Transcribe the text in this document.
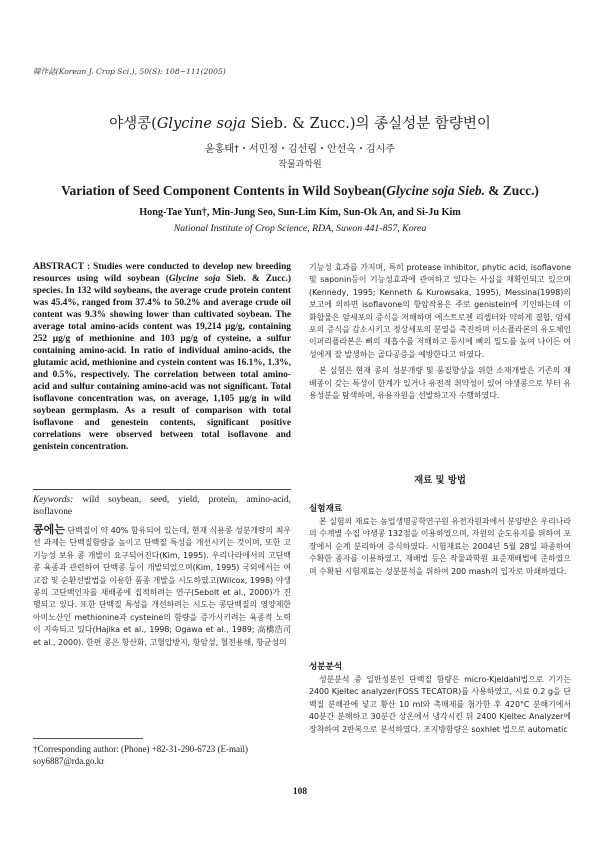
韓作誌(Korean J. Crop Sci.), 50(S): 108~111(2005)
야생콩(Glycine soja Sieb. & Zucc.)의 종실성분 함량변이
윤홍태†・서민정・김선림・안선옥・김시주
작물과학원
Variation of Seed Component Contents in Wild Soybean(Glycine soja Sieb. & Zucc.)
Hong-Tae Yun†, Min-Jung Seo, Sun-Lim Kim, Sun-Ok An, and Si-Ju Kim
National Institute of Crop Science, RDA, Suwon 441-857, Korea
ABSTRACT : Studies were conducted to develop new breeding resources using wild soybean (Glycine soja Sieb. & Zucc.) species. In 132 wild soybeans, the average crude protein content was 45.4%, ranged from 37.4% to 50.2% and average crude oil content was 9.3% showing lower than cultivated soybean. The average total amino-acids content was 19,214 µg/g, containing 252 µg/g of methionine and 103 µg/g of cysteine, a sulfur containing amino-acid. In ratio of individual amino-acids, the glutamic acid, methionine and cystein content was 16.1%, 1.3%, and 0.5%, respectively. The correlation between total amino-acid and sulfur containing amino-acid was not significant. Total isoflavone concentration was, on average, 1,105 µg/g in wild soybean germplasm. As a result of comparison with total isoflavone and genestein contents, significant positive correlations were observed between total isoflavone and genistein concentration.
Keywords: wild soybean, seed, yield, protein, amino-acid, isoflavone
콩에는 단백질이 약 40% 함유되어 있는데, 현재 식용콩 성분개량의 최우선 과제는 단백질함량을 높이고 단백질 특성을 개선시키는 것이며, 또한 고기능성 보유 콩 개발이 요구되어진다(Kim, 1995). 우리나라에서의 고단백 콩 육종과 관련하여 단백콩 등이 개발되었으며(Kim, 1995) 국외에서는 여교잡 및 순환선발법을 이용한 품종 개발을 시도하였고(Wilcox, 1998) 야생콩의 고단백인자를 재배종에 집적하려는 연구(Sebolt et al., 2000)가 진행되고 있다. 또한 단백질 특성을 개선하려는 시도는 콩단백질의 영양제한 아미노산인 methionine과 cysteine의 함량을 증가시키려는 육종적 노력이 지속되고 있다(Hajika et al., 1998; Ogawa et al., 1989; 高橋浩司 et al., 2000). 한편 콩은 항산화, 고혈압방지, 항암성, 혈전용해, 항균성의
†Corresponding author: (Phone) +82-31-290-6723 (E-mail) soy6887@rda.go.kr
기능성 효과를 가지며, 특히 protease inhibitor, phytic acid, isoflavone 및 saponin등이 기능성효과에 관여하고 있다는 사실을 재확인되고 있으며(Kennedy, 1995; Kenneth & Kurowsaka, 1995), Messina(1998)의 보고에 의하면 isoflavone의 항암작용은 주로 genistein에 기인하는데 이 화합물은 암세포의 증식을 저해하며 에스트로젠 리셉터와 약하게 결합, 암세포의 증식을 감소시키고 정상세포의 분열을 촉진하며 이소플라본의 유도체인 이퍼리플라본은 뼈의 재흡수를 저해하고 동시에 뼈의 밀도를 높여 나이든 여성에게 잘 발생하는 골다공증을 예방한다고 하였다.
본 실험은 현재 콩의 성분개량 및 품질향상을 위한 소재개발은 기존의 재배종이 갖는 특성이 한계가 있거나 유전적 취약성이 있어 야생콩으로 부터 유용성분을 탐색하며, 유용자원을 선발하고자 수행하였다.
재료 및 방법
실험재료
본 실험의 재료는 농업생명공학연구원 유전자원과에서 분양받은 우리나라의 수계별 수집 야생콩 132점을 이용하였으며, 자원의 순도유지를 위하여 포장에서 순계 분리하여 증식하였다. 시험재료는 2004년 5월 28일 파종하여 수확한 종자를 이용하였고, 재배법 등은 작물과학원 표준재배법에 준하였으며 수확된 시험재료는 성분분석을 위하여 200 mash의 입자로 마쇄하였다.
성분분석
성분분석 중 일반성분인 단백질 함량은 micro-Kjeldahl법으로 기기는 2400 Kjeltec analyzer(FOSS TECATOR)를 사용하였고, 시료 0.2 g을 단백질 분해관에 넣고 황산 10 ml와 촉매제를 첨가한 후 420°C 분해기에서 40분간 분해하고 30분간 상온에서 냉각시킨 뒤 2400 Kjeltec Analyzer에 장착하여 2반복으로 분석하였다. 조지방함량은 soxhlet 법으로 automatic
108
